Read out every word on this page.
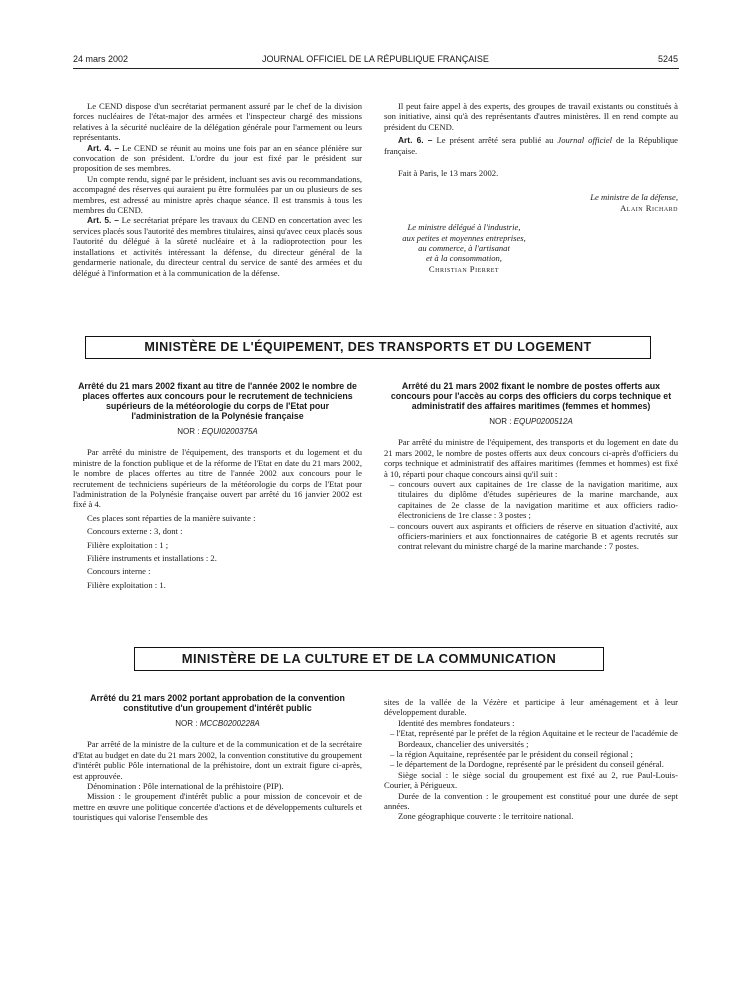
24 mars 2002	JOURNAL OFFICIEL DE LA RÉPUBLIQUE FRANÇAISE	5245

Le CEND dispose d'un secrétariat permanent assuré par le chef de la division forces nucléaires de l'état-major des armées et l'inspecteur chargé des missions relatives à la sécurité nucléaire de la délégation générale pour l'armement ou leurs représentants.

Art. 4. – Le CEND se réunit au moins une fois par an en séance plénière sur convocation de son président. L'ordre du jour est fixé par le président sur proposition de ses membres.

Un compte rendu, signé par le président, incluant ses avis ou recommandations, accompagné des réserves qui auraient pu être formulées par un ou plusieurs de ses membres, est adressé au ministre après chaque séance. Il est transmis à tous les membres du CEND.

Art. 5. – Le secrétariat prépare les travaux du CEND en concertation avec les services placés sous l'autorité des membres titulaires, ainsi qu'avec ceux placés sous l'autorité du délégué à la sûreté nucléaire et à la radioprotection pour les installations et activités intéressant la défense, du directeur général de la gendarmerie nationale, du directeur central du service de santé des armées et du délégué à l'information et à la communication de la défense.

Il peut faire appel à des experts, des groupes de travail existants ou constitués à son initiative, ainsi qu'à des représentants d'autres ministères. Il en rend compte au président du CEND.

Art. 6. – Le présent arrêté sera publié au Journal officiel de la République française.

Fait à Paris, le 13 mars 2002.

Le ministre de la défense,
Alain Richard
Le ministre délégué à l'industrie,
aux petites et moyennes entreprises,
au commerce, à l'artisanat
et à la consommation,
Christian Pierret
MINISTÈRE DE L'ÉQUIPEMENT, DES TRANSPORTS ET DU LOGEMENT
Arrêté du 21 mars 2002 fixant au titre de l'année 2002 le nombre de places offertes aux concours pour le recrutement de techniciens supérieurs de la météorologie du corps de l'Etat pour l'administration de la Polynésie française
NOR : EQUI0200375A

Par arrêté du ministre de l'équipement, des transports et du logement et du ministre de la fonction publique et de la réforme de l'Etat en date du 21 mars 2002, le nombre de places offertes au titre de l'année 2002 aux concours pour le recrutement de techniciens supérieurs de la météorologie du corps de l'Etat pour l'administration de la Polynésie française ouvert par arrêté du 16 janvier 2002 est fixé à 4.

Ces places sont réparties de la manière suivante :

Concours externe : 3, dont :

Filière exploitation : 1 ;

Filière instruments et installations : 2.

Concours interne :

Filière exploitation : 1.

Arrêté du 21 mars 2002 fixant le nombre de postes offerts aux concours pour l'accès au corps des officiers du corps technique et administratif des affaires maritimes (femmes et hommes)
NOR : EQUP0200512A

Par arrêté du ministre de l'équipement, des transports et du logement en date du 21 mars 2002, le nombre de postes offerts aux deux concours ci-après d'officiers du corps technique et administratif des affaires maritimes (femmes et hommes) est fixé à 10, réparti pour chaque concours ainsi qu'il suit :

– concours ouvert aux capitaines de 1re classe de la navigation maritime, aux titulaires du diplôme d'études supérieures de la marine marchande, aux capitaines de 2e classe de la navigation maritime et aux officiers radio-électroniciens de 1re classe : 3 postes ;
– concours ouvert aux aspirants et officiers de réserve en situation d'activité, aux officiers-mariniers et aux fonctionnaires de catégorie B et agents recrutés sur contrat relevant du ministre chargé de la marine marchande : 7 postes.
MINISTÈRE DE LA CULTURE ET DE LA COMMUNICATION
Arrêté du 21 mars 2002 portant approbation de la convention constitutive d'un groupement d'intérêt public
NOR : MCCB0200228A

Par arrêté de la ministre de la culture et de la communication et de la secrétaire d'Etat au budget en date du 21 mars 2002, la convention constitutive du groupement d'intérêt public Pôle international de la préhistoire, dont un extrait figure ci-après, est approuvée.

Dénomination : Pôle international de la préhistoire (PIP).

Mission : le groupement d'intérêt public a pour mission de concevoir et de mettre en œuvre une politique concertée d'actions et de développements culturels et touristiques qui valorise l'ensemble des

sites de la vallée de la Vézère et participe à leur aménagement et à leur développement durable.

Identité des membres fondateurs :

– l'Etat, représenté par le préfet de la région Aquitaine et le recteur de l'académie de Bordeaux, chancelier des universités ;
– la région Aquitaine, représentée par le président du conseil régional ;
– le département de la Dordogne, représenté par le président du conseil général.

Siège social : le siège social du groupement est fixé au 2, rue Paul-Louis-Courier, à Périgueux.

Durée de la convention : le groupement est constitué pour une durée de sept années.

Zone géographique couverte : le territoire national.
